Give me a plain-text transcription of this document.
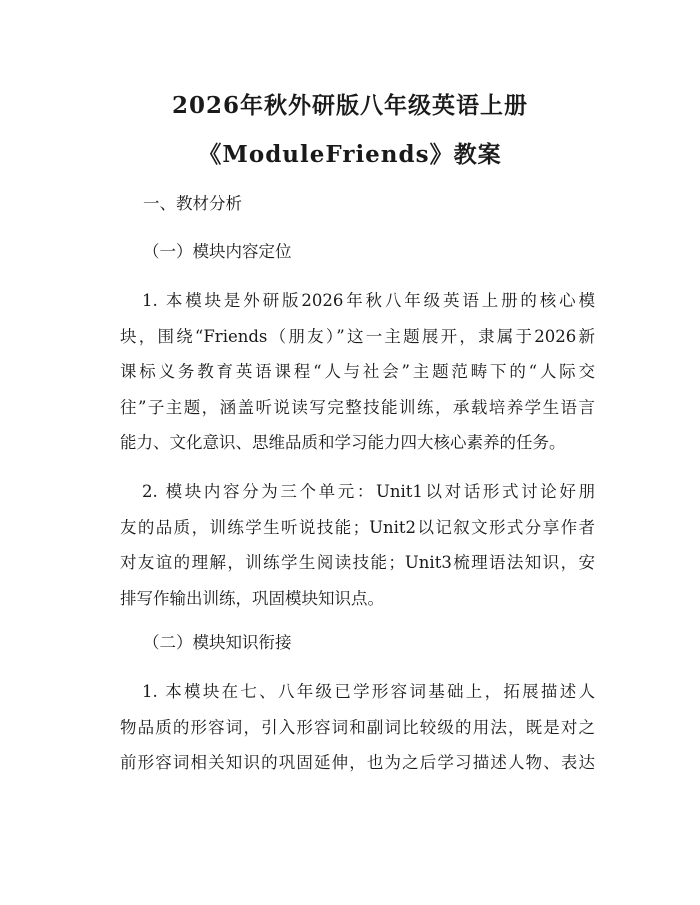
2026年秋外研版八年级英语上册
《ModuleFriends》教案
一、教材分析
（一）模块内容定位
1. 本模块是外研版2026年秋八年级英语上册的核心模
块，围绕“Friends（朋友）”这一主题展开，隶属于2026新
课标义务教育英语课程“人与社会”主题范畴下的“人际交
往”子主题，涵盖听说读写完整技能训练，承载培养学生语言
能力、文化意识、思维品质和学习能力四大核心素养的任务。
2. 模块内容分为三个单元：Unit1以对话形式讨论好朋
友的品质，训练学生听说技能；Unit2以记叙文形式分享作者
对友谊的理解，训练学生阅读技能；Unit3梳理语法知识，安
排写作输出训练，巩固模块知识点。
（二）模块知识衔接
1. 本模块在七、八年级已学形容词基础上，拓展描述人
物品质的形容词，引入形容词和副词比较级的用法，既是对之
前形容词相关知识的巩固延伸，也为之后学习描述人物、表达
